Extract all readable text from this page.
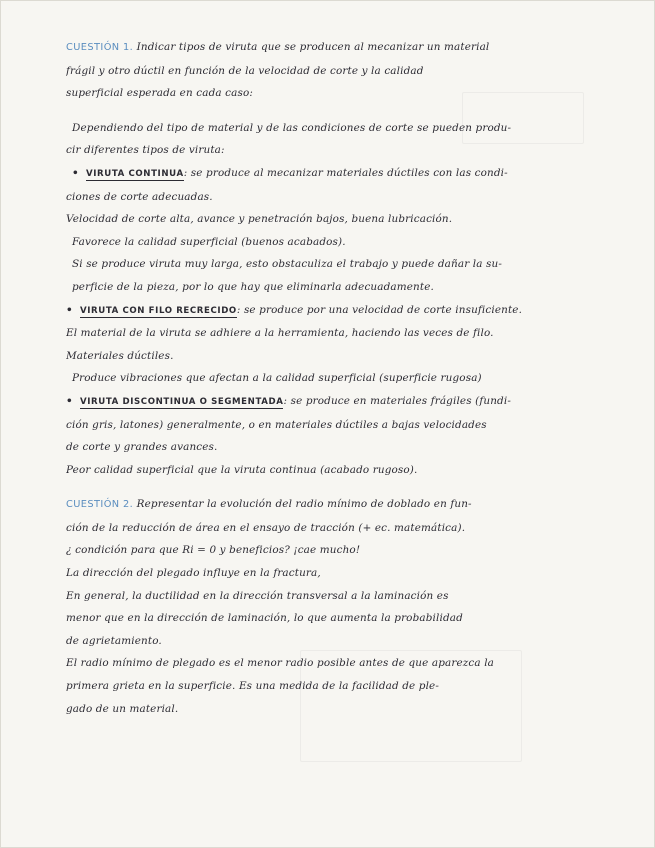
CUESTIÓN 1. Indicar tipos de viruta que se producen al mecanizar un material
frágil y otro dúctil en función de la velocidad de corte y la calidad
superficial esperada en cada caso:
Dependiendo del tipo de material y de las condiciones de corte se pueden produ-
cir diferentes tipos de viruta:
• VIRUTA CONTINUA: se produce al mecanizar materiales dúctiles con las condi-
ciones de corte adecuadas.
Velocidad de corte alta, avance y penetración bajos, buena lubricación.
Favorece la calidad superficial (buenos acabados).
Si se produce viruta muy larga, esto obstaculiza el trabajo y puede dañar la su-
perficie de la pieza, por lo que hay que eliminarla adecuadamente.
• VIRUTA CON FILO RECRECIDO: se produce por una velocidad de corte insuficiente.
El material de la viruta se adhiere a la herramienta, haciendo las veces de filo.
Materiales dúctiles.
Produce vibraciones que afectan a la calidad superficial (superficie rugosa)
• VIRUTA DISCONTINUA O SEGMENTADA: se produce en materiales frágiles (fundi-
ción gris, latones) generalmente, o en materiales dúctiles a bajas velocidades
de corte y grandes avances.
Peor calidad superficial que la viruta continua (acabado rugoso).
CUESTIÓN 2. Representar la evolución del radio mínimo de doblado en fun-
ción de la reducción de área en el ensayo de tracción (+ ec. matemática).
¿ condición para que Ri = 0 y beneficios? ¡cae mucho!
La dirección del plegado influye en la fractura,
En general, la ductilidad en la dirección transversal a la laminación es
menor que en la dirección de laminación, lo que aumenta la probabilidad
de agrietamiento.
El radio mínimo de plegado es el menor radio posible antes de que aparezca la
primera grieta en la superficie. Es una medida de la facilidad de ple-
gado de un material.
